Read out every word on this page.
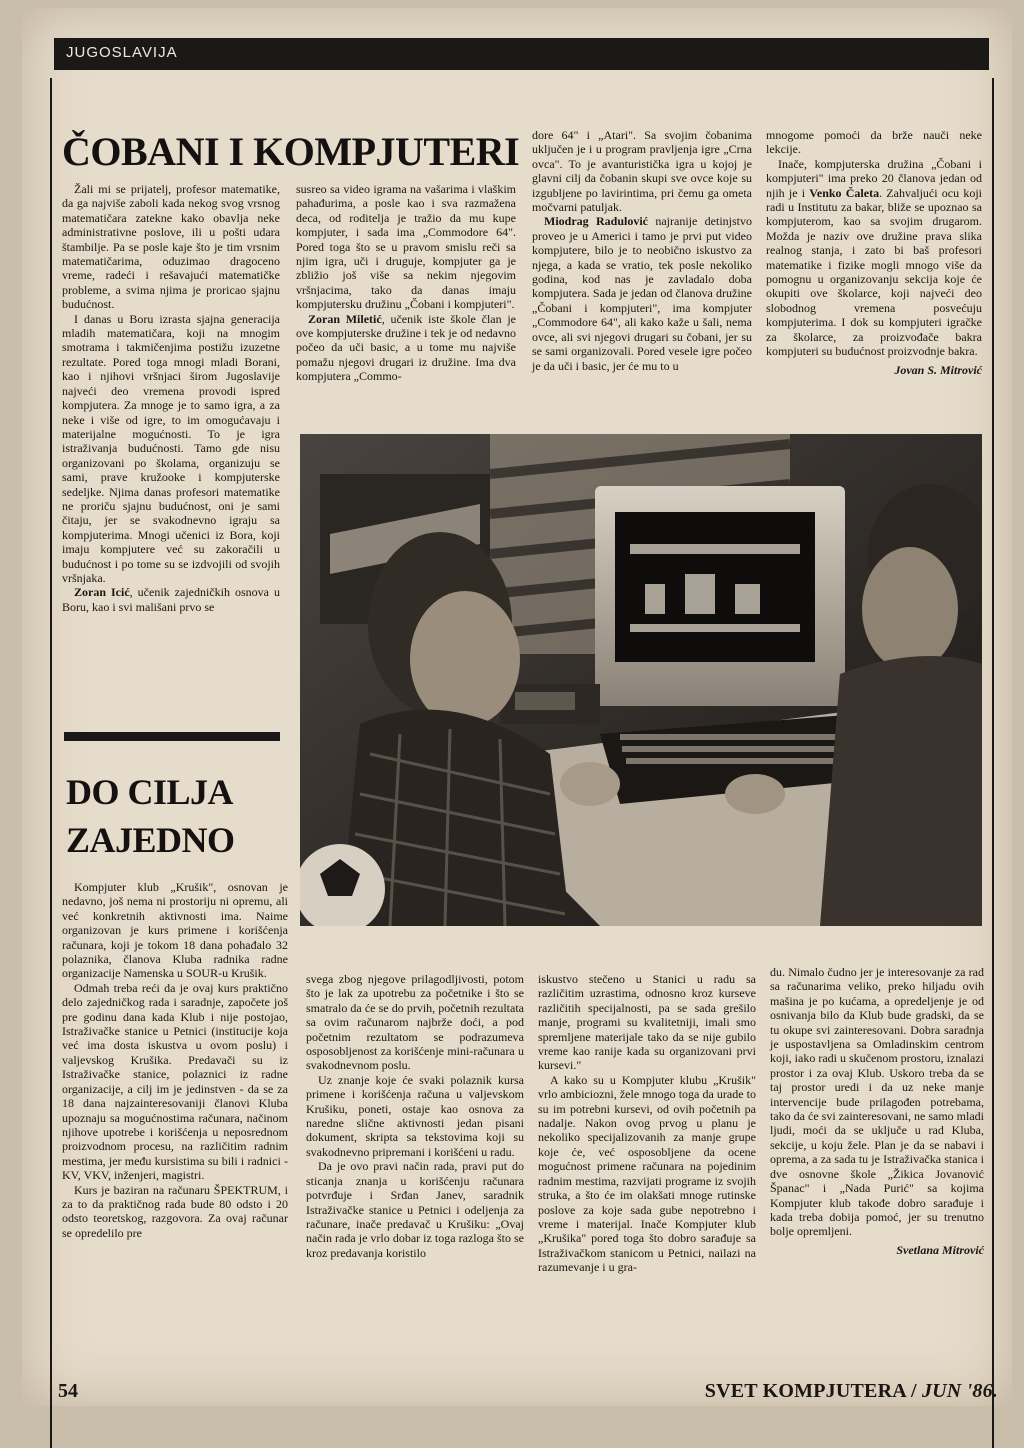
JUGOSLAVIJA
ČOBANI I KOMPJUTERI

Žali mi se prijatelj, profesor matematike, da ga najviše zaboli kada nekog svog vrsnog matematičara zatekne kako obavlja neke administrativne poslove, ili u pošti udara štambilje. Pa se posle kaje što je tim vrsnim matematičarima, oduzimao dragoceno vreme, radeći i rešavajući matematičke probleme, a svima njima je proricao sjajnu budućnost.

I danas u Boru izrasta sjajna generacija mladih matematičara, koji na mnogim smotrama i takmičenjima postižu izuzetne rezultate. Pored toga mnogi mladi Borani, kao i njihovi vršnjaci širom Jugoslavije najveći deo vremena provodi ispred kompjutera. Za mnoge je to samo igra, a za neke i više od igre, to im omogućavaju i materijalne mogućnosti. To je igra istraživanja budućnosti. Tamo gde nisu organizovani po školama, organizuju se sami, prave kružooke i kompjuterske sedeljke. Njima danas profesori matematike ne proriču sjajnu budućnost, oni je sami čitaju, jer se svakodnevno igraju sa kompjuterima. Mnogi učenici iz Bora, koji imaju kompjutere već su zakoračili u budućnost i po tome su se izdvojili od svojih vršnjaka.

Zoran Icić, učenik zajedničkih osnova u Boru, kao i svi mališani prvo se

susreo sa video igrama na vašarima i vlaškim pahađurima, a posle kao i sva razmažena deca, od roditelja je tražio da mu kupe kompjuter, i sada ima „Commodore 64". Pored toga što se u pravom smislu reči sa njim igra, uči i druguje, kompjuter ga je zbližio još više sa nekim njegovim vršnjacima, tako da danas imaju kompjutersku družinu „Čobani i kompjuteri".

Zoran Miletić, učenik iste škole član je ove kompjuterske družine i tek je od nedavno počeo da uči basic, a u tome mu najviše pomažu njegovi drugari iz družine. Ima dva kompjutera „Commo-

dore 64" i „Atari". Sa svojim čobanima uključen je i u program pravljenja igre „Crna ovca". To je avanturistička igra u kojoj je glavni cilj da čobanin skupi sve ovce koje su izgubljene po lavirintima, pri čemu ga ometa močvarni patuljak.

Miodrag Radulović najranije detinjstvo proveo je u Americi i tamo je prvi put video kompjutere, bilo je to neobično iskustvo za njega, a kada se vratio, tek posle nekoliko godina, kod nas je zavladalo doba kompjutera. Sada je jedan od članova družine „Čobani i kompjuteri", ima kompjuter „Commodore 64", ali kako kaže u šali, nema ovce, ali svi njegovi drugari su čobani, jer su se sami organizovali. Pored vesele igre počeo je da uči i basic, jer će mu to u

mnogome pomoći da brže nauči neke lekcije.

Inače, kompjuterska družina „Čobani i kompjuteri" ima preko 20 članova jedan od njih je i Venko Čaleta. Zahvaljući ocu koji radi u Institutu za bakar, bliže se upoznao sa kompjuterom, kao sa svojim drugarom. Možda je naziv ove družine prava slika realnog stanja, i zato bi baš profesori matematike i fizike mogli mnogo više da pomognu u organizovanju sekcija koje će okupiti ove školarce, koji najveći deo slobodnog vremena posvećuju kompjuterima. I dok su kompjuteri igračke za školarce, za proizvođače bakra kompjuteri su budućnost proizvodnje bakra.

Jovan S. Mitrović

DO CILJA
ZAJEDNO

Kompjuter klub „Krušik", osnovan je nedavno, još nema ni prostoriju ni opremu, ali već konkretnih aktivnosti ima. Naime organizovan je kurs primene i korišćenja računara, koji je tokom 18 dana pohađalo 32 polaznika, članova Kluba radnika radne organizacije Namenska u SOUR-u Krušik.

Odmah treba reći da je ovaj kurs praktično delo zajedničkog rada i saradnje, započete još pre godinu dana kada Klub i nije postojao, Istraživačke stanice u Petnici (institucije koja već ima dosta iskustva u ovom poslu) i valjevskog Krušika. Predavači su iz Istraživačke stanice, polaznici iz radne organizacije, a cilj im je jedinstven - da se za 18 dana najzainteresovaniji članovi Kluba upoznaju sa mogućnostima računara, načinom njihove upotrebe i korišćenja u neposrednom proizvodnom procesu, na različitim radnim mestima, jer među kursistima su bili i radnici - KV, VKV, inženjeri, magistri.

Kurs je baziran na računaru ŠPEKTRUM, i za to da praktičnog rada bude 80 odsto i 20 odsto teoretskog, razgovora. Za ovaj računar se opredelilo pre

svega zbog njegove prilagodljivosti, potom što je lak za upotrebu za početnike i što se smatralo da će se do prvih, početnih rezultata sa ovim računarom najbrže doći, a pod početnim rezultatom se podrazumeva osposobljenost za korišćenje mini-računara u svakodnevnom poslu.

Uz znanje koje će svaki polaznik kursa primene i korišćenja računa u valjevskom Krušiku, poneti, ostaje kao osnova za naredne slične aktivnosti jedan pisani dokument, skripta sa tekstovima koji su svakodnevno pripremani i korišćeni u radu.

Da je ovo pravi način rada, pravi put do sticanja znanja u korišćenju računara potvrđuje i Srđan Janev, saradnik Istraživačke stanice u Petnici i odeljenja za računare, inače predavač u Krušiku: „Ovaj način rada je vrlo dobar iz toga razloga što se kroz predavanja koristilo

iskustvo stečeno u Stanici u radu sa različitim uzrastima, odnosno kroz kurseve različitih specijalnosti, pa se sada grešilo manje, programi su kvalitetniji, imali smo spremljene materijale tako da se nije gubilo vreme kao ranije kada su organizovani prvi kursevi."

A kako su u Kompjuter klubu „Krušik" vrlo ambiciozni, žele mnogo toga da urade to su im potrebni kursevi, od ovih početnih pa nadalje. Nakon ovog prvog u planu je nekoliko specijalizovanih za manje grupe koje će, već osposobljene da ocene mogućnost primene računara na pojedinim radnim mestima, razvijati programe iz svojih struka, a što će im olakšati mnoge rutinske poslove za koje sada gube nepotrebno i vreme i materijal. Inače Kompjuter klub „Krušika" pored toga što dobro sarađuje sa Istraživačkom stanicom u Petnici, nailazi na razumevanje i u gra-

du. Nimalo čudno jer je interesovanje za rad sa računarima veliko, preko hiljadu ovih mašina je po kućama, a opredeljenje je od osnivanja bilo da Klub bude gradski, da se tu okupe svi zainteresovani. Dobra saradnja je uspostavljena sa Omladinskim centrom koji, iako radi u skučenom prostoru, iznalazi prostor i za ovaj Klub. Uskoro treba da se taj prostor uredi i da uz neke manje intervencije bude prilagođen potrebama, tako da će svi zainteresovani, ne samo mladi ljudi, moći da se uključe u rad Kluba, sekcije, u koju žele. Plan je da se nabavi i oprema, a za sada tu je Istraživačka stanica i dve osnovne škole „Žikica Jovanović Španac" i „Nada Purić" sa kojima Kompjuter klub takođe dobro sarađuje i kada treba dobija pomoć, jer su trenutno bolje opremljeni.

Svetlana Mitrović

54	SVET KOMPJUTERA / JUN '86.
